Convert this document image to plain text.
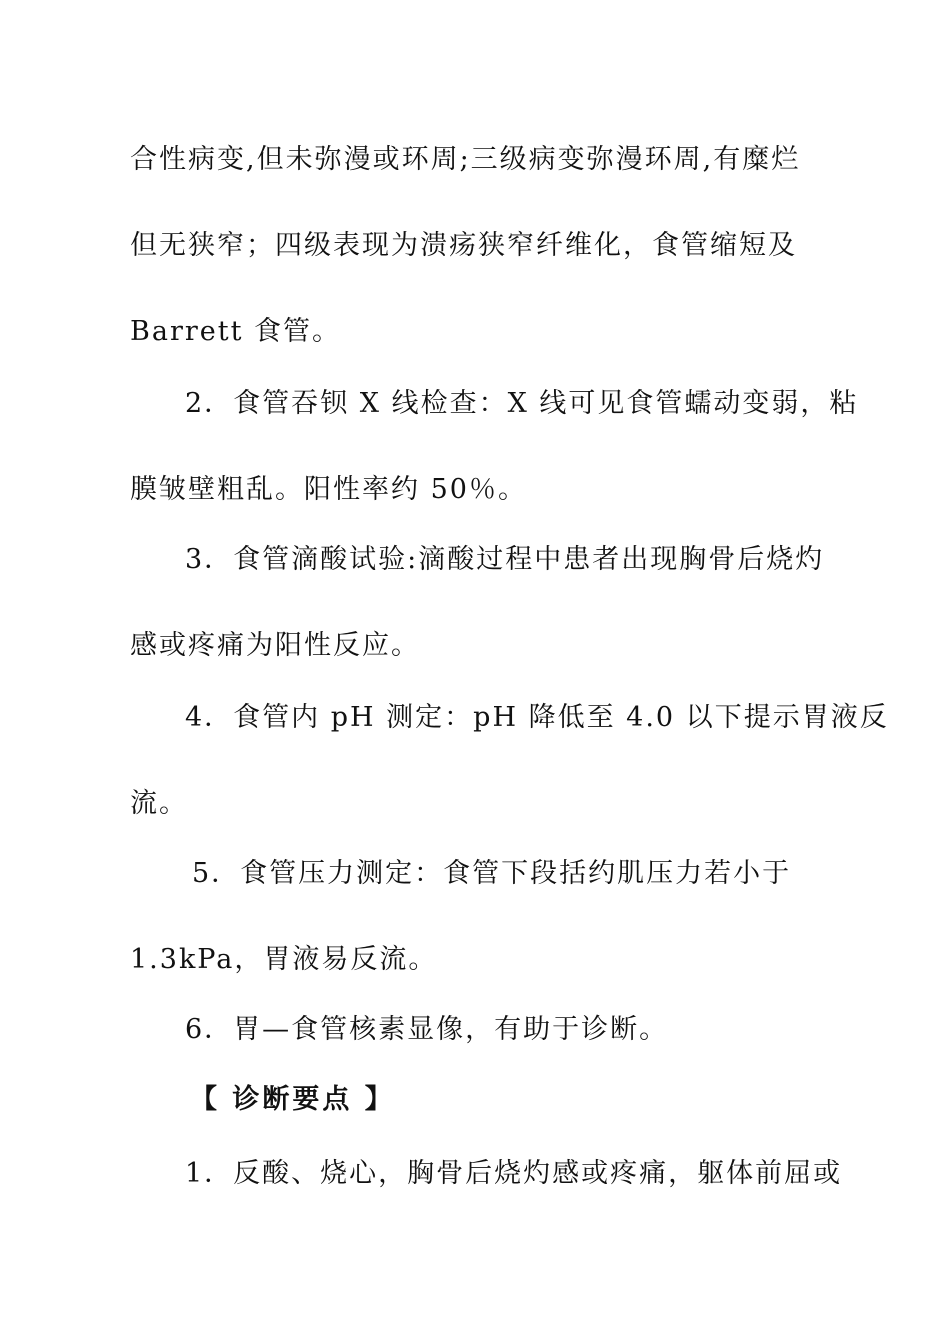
合性病变,但未弥漫或环周;三级病变弥漫环周,有糜烂
但无狭窄；四级表现为溃疡狭窄纤维化，食管缩短及
Barrett 食管。
2．食管吞钡 X 线检查：X 线可见食管蠕动变弱，粘
膜皱壁粗乱。阳性率约 50％。
3．食管滴酸试验:滴酸过程中患者出现胸骨后烧灼
感或疼痛为阳性反应。
4．食管内 pH 测定：pH 降低至 4.0 以下提示胃液反
流。
5．食管压力测定：食管下段括约肌压力若小于
1.3kPa，胃液易反流。
6．胃—食管核素显像，有助于诊断。
【 诊断要点 】
1．反酸、烧心，胸骨后烧灼感或疼痛，躯体前屈或
